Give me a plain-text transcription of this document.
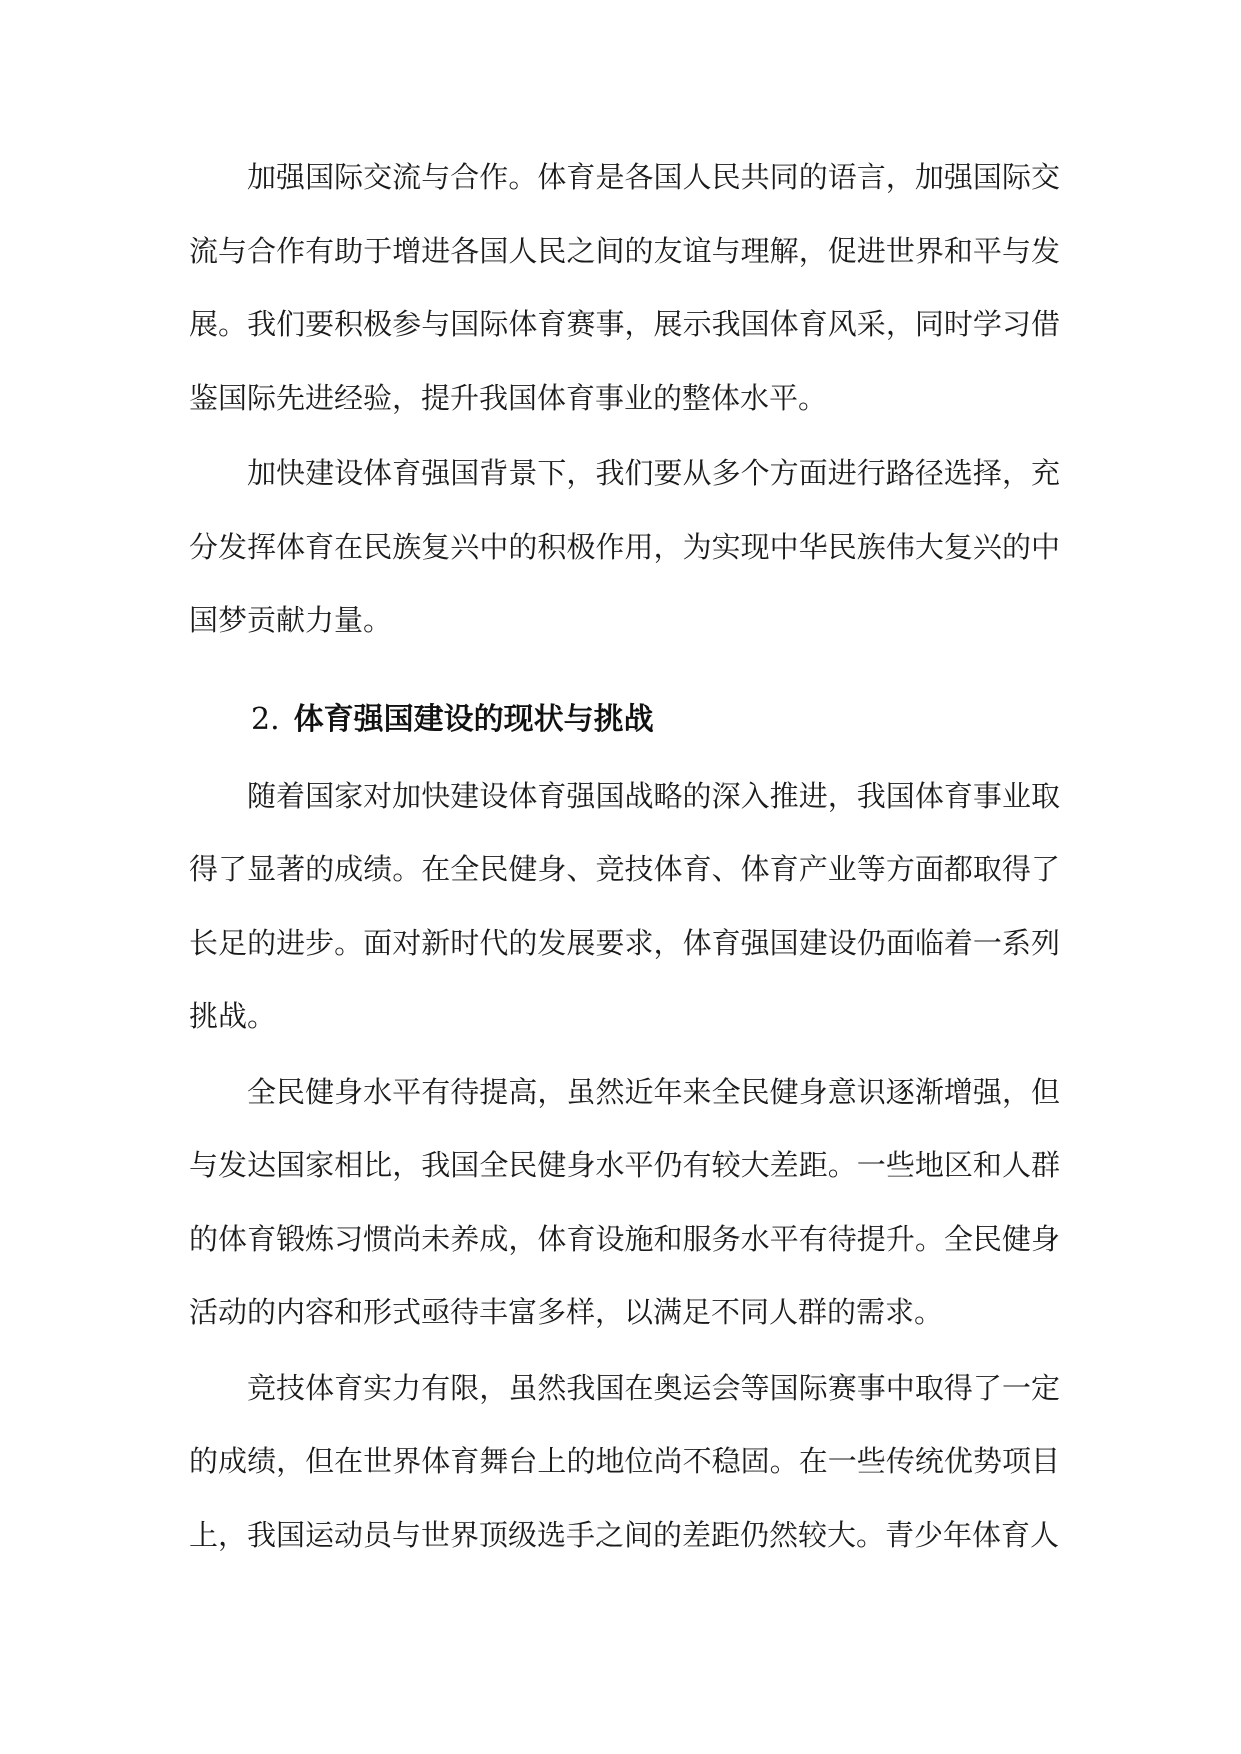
加强国际交流与合作。体育是各国人民共同的语言，加强国际交流与合作有助于增进各国人民之间的友谊与理解，促进世界和平与发展。我们要积极参与国际体育赛事，展示我国体育风采，同时学习借鉴国际先进经验，提升我国体育事业的整体水平。

加快建设体育强国背景下，我们要从多个方面进行路径选择，充分发挥体育在民族复兴中的积极作用，为实现中华民族伟大复兴的中国梦贡献力量。

2. 体育强国建设的现状与挑战

随着国家对加快建设体育强国战略的深入推进，我国体育事业取得了显著的成绩。在全民健身、竞技体育、体育产业等方面都取得了长足的进步。面对新时代的发展要求，体育强国建设仍面临着一系列挑战。

全民健身水平有待提高，虽然近年来全民健身意识逐渐增强，但与发达国家相比，我国全民健身水平仍有较大差距。一些地区和人群的体育锻炼习惯尚未养成，体育设施和服务水平有待提升。全民健身活动的内容和形式亟待丰富多样，以满足不同人群的需求。

竞技体育实力有限，虽然我国在奥运会等国际赛事中取得了一定的成绩，但在世界体育舞台上的地位尚不稳固。在一些传统优势项目上，我国运动员与世界顶级选手之间的差距仍然较大。青少年体育人
